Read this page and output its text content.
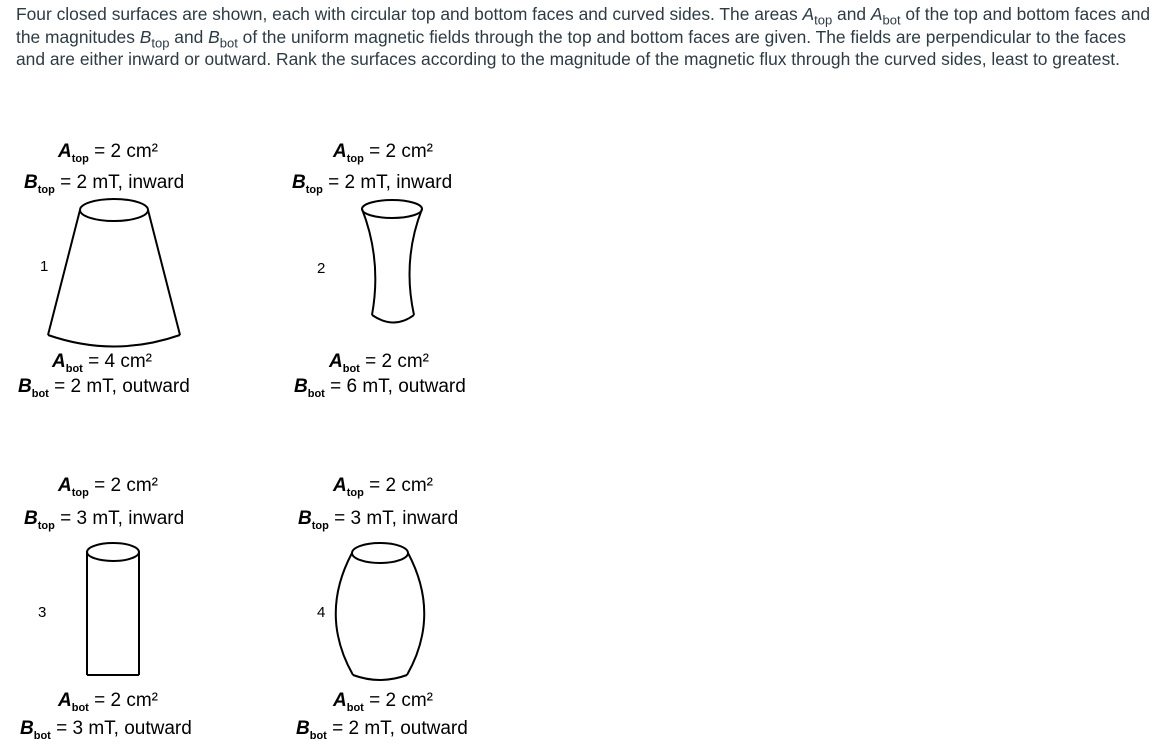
Four closed surfaces are shown, each with circular top and bottom faces and curved sides. The areas $A_{top}$ and $A_{bot}$ of the top and bottom faces and the magnitudes $B_{top}$ and $B_{bot}$ of the uniform magnetic fields through the top and bottom faces are given. The fields are perpendicular to the faces and are either inward or outward. Rank the surfaces according to the magnitude of the magnetic flux through the curved sides, least to greatest.

$A_{top} = 2$ cm²
$B_{top} = 2$ mT, inward
1
$A_{bot} = 4$ cm²
$B_{bot} = 2$ mT, outward
$A_{top} = 2$ cm²
$B_{top} = 2$ mT, inward
2
$A_{bot} = 2$ cm²
$B_{bot} = 6$ mT, outward
$A_{top} = 2$ cm²
$B_{top} = 3$ mT, inward
3
$A_{bot} = 2$ cm²
$B_{bot} = 3$ mT, outward
$A_{top} = 2$ cm²
$B_{top} = 3$ mT, inward
4
$A_{bot} = 2$ cm²
$B_{bot} = 2$ mT, outward
